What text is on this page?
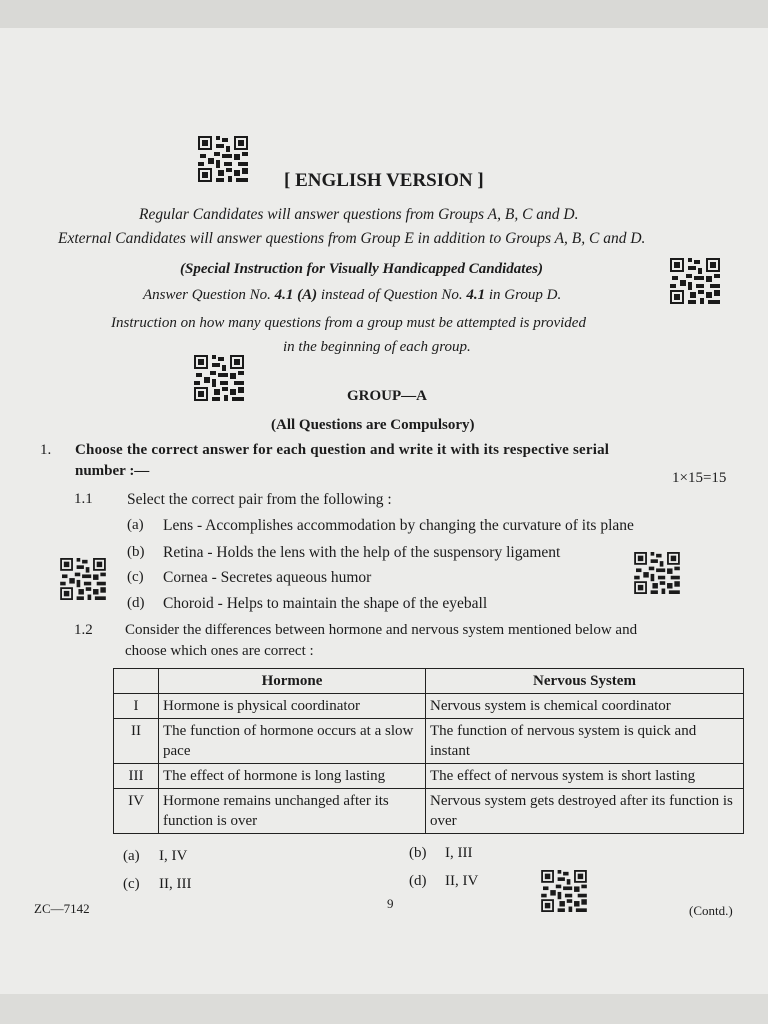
[ ENGLISH VERSION ]
Regular Candidates will answer questions from Groups A, B, C and D.
External Candidates will answer questions from Group E in addition to Groups A, B, C and D.
(Special Instruction for Visually Handicapped Candidates)
Answer Question No. 4.1 (A) instead of Question No. 4.1 in Group D.
Instruction on how many questions from a group must be attempted is provided
in the beginning of each group.
GROUP—A
(All Questions are Compulsory)
1. Choose the correct answer for each question and write it with its respective serial
number :—	1×15=15
1.1 Select the correct pair from the following :
(a) Lens - Accomplishes accommodation by changing the curvature of its plane
(b) Retina - Holds the lens with the help of the suspensory ligament
(c) Cornea - Secretes aqueous humor
(d) Choroid - Helps to maintain the shape of the eyeball
1.2 Consider the differences between hormone and nervous system mentioned below and
choose which ones are correct :
	Hormone	Nervous System
I	Hormone is physical coordinator	Nervous system is chemical coordinator
II	The function of hormone occurs at a slow pace	The function of nervous system is quick and instant
III	The effect of hormone is long lasting	The effect of nervous system is short lasting
IV	Hormone remains unchanged after its function is over	Nervous system gets destroyed after its function is over
(a) I, IV	(b) I, III
(c) II, III	(d) II, IV
ZC—7142	9	(Contd.)
